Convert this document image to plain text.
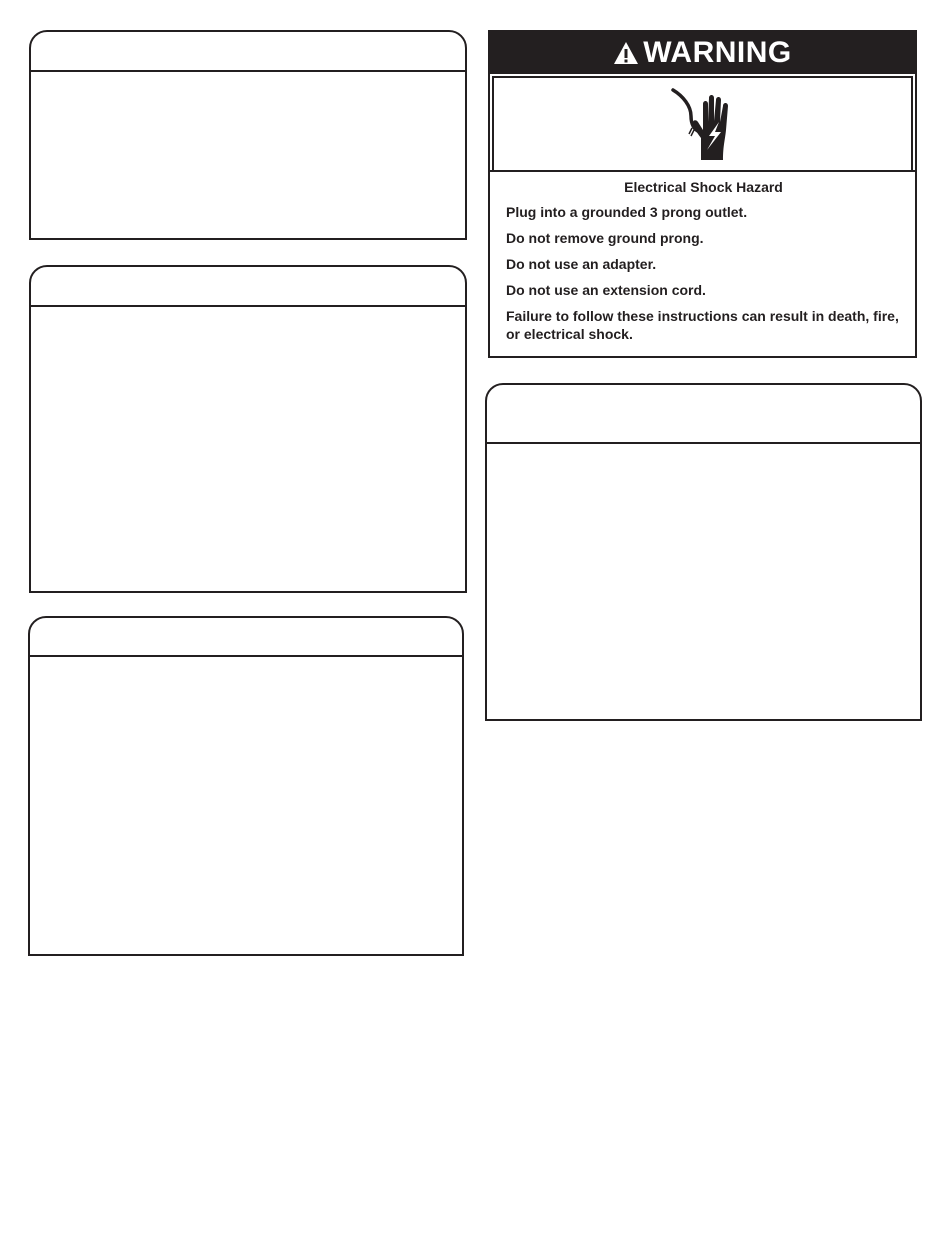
WARNING

Electrical Shock Hazard

Plug into a grounded 3 prong outlet.

Do not remove ground prong.

Do not use an adapter.

Do not use an extension cord.

Failure to follow these instructions can result in death, fire, or electrical shock.
